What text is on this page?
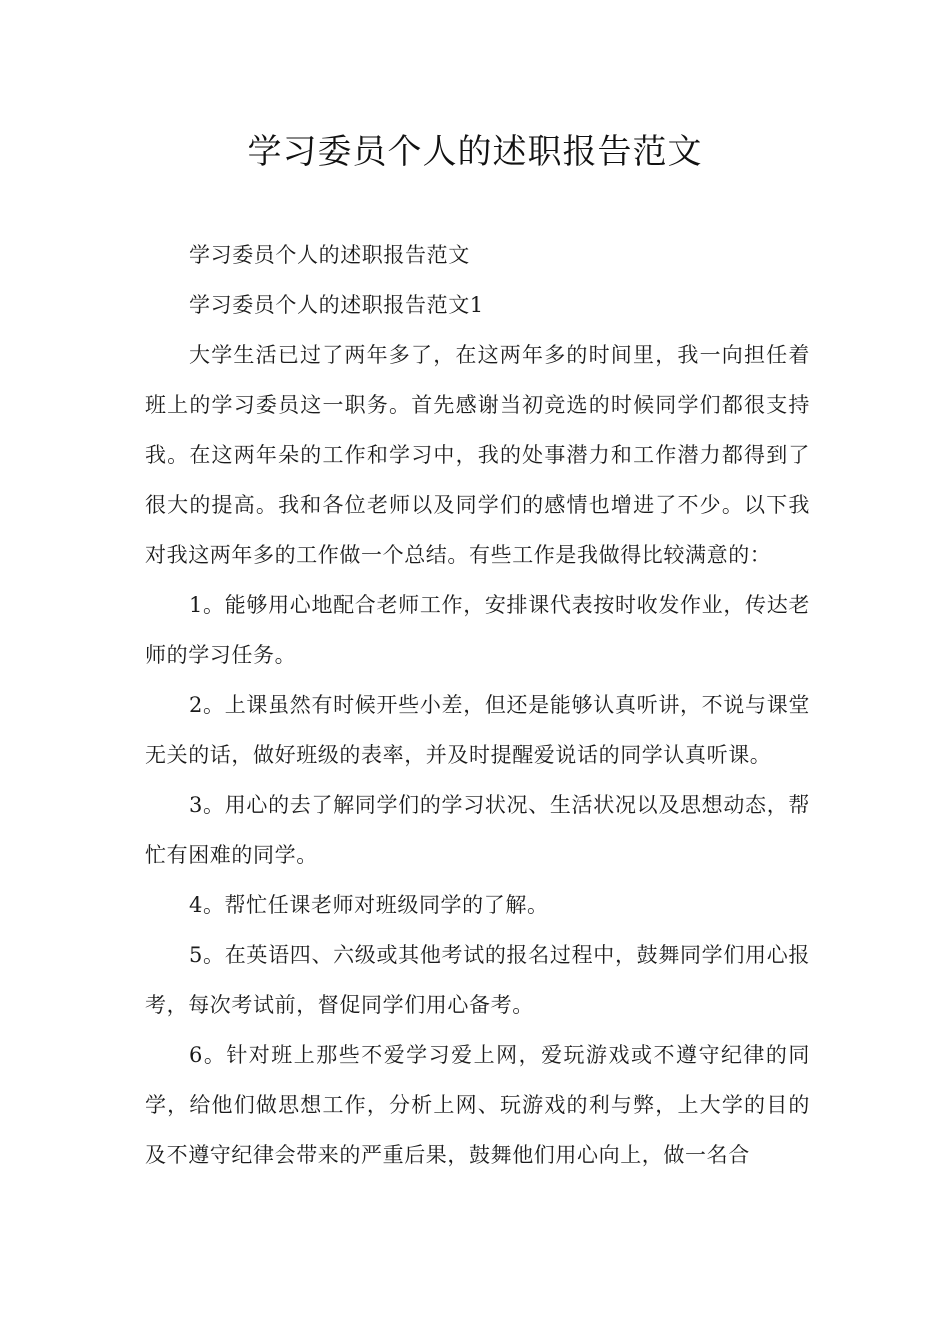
学习委员个人的述职报告范文

学习委员个人的述职报告范文

学习委员个人的述职报告范文1

大学生活已过了两年多了，在这两年多的时间里，我一向担任着班上的学习委员这一职务。首先感谢当初竞选的时候同学们都很支持我。在这两年朵的工作和学习中，我的处事潜力和工作潜力都得到了很大的提高。我和各位老师以及同学们的感情也增进了不少。以下我对我这两年多的工作做一个总结。有些工作是我做得比较满意的：

1。能够用心地配合老师工作，安排课代表按时收发作业，传达老师的学习任务。

2。上课虽然有时候开些小差，但还是能够认真听讲，不说与课堂无关的话，做好班级的表率，并及时提醒爱说话的同学认真听课。

3。用心的去了解同学们的学习状况、生活状况以及思想动态，帮忙有困难的同学。

4。帮忙任课老师对班级同学的了解。

5。在英语四、六级或其他考试的报名过程中，鼓舞同学们用心报考，每次考试前，督促同学们用心备考。

6。针对班上那些不爱学习爱上网，爱玩游戏或不遵守纪律的同学，给他们做思想工作，分析上网、玩游戏的利与弊，上大学的目的及不遵守纪律会带来的严重后果，鼓舞他们用心向上，做一名合
